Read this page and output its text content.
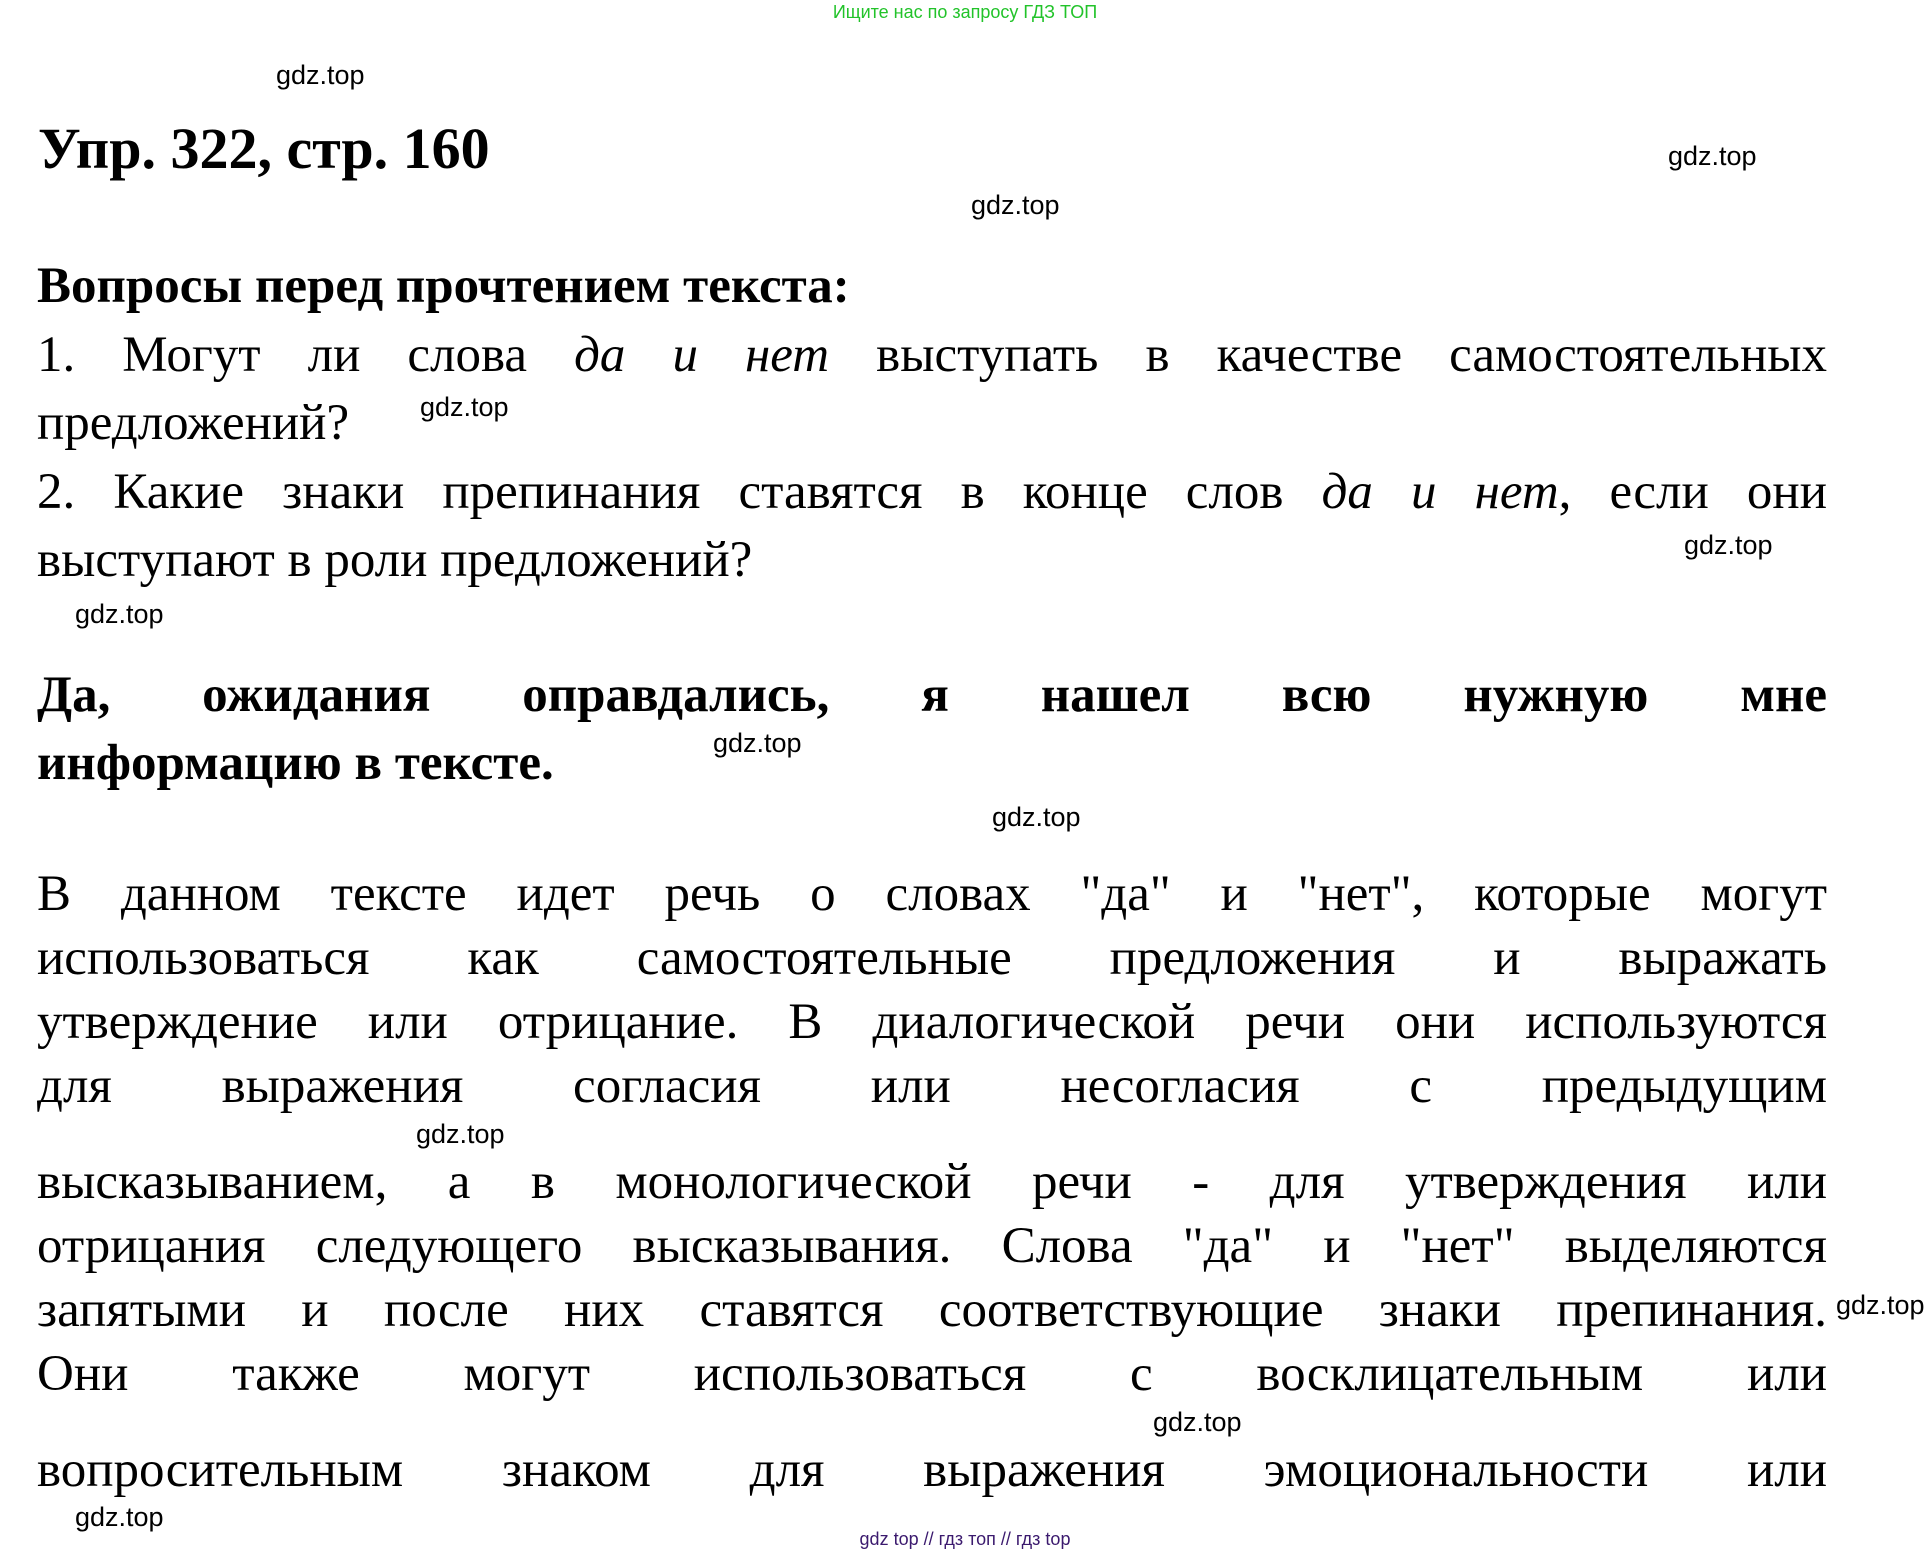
Ищите нас по запросу ГДЗ ТОП
Упр. 322, стр. 160
Вопросы перед прочтением текста:
1. Могут ли слова да и нет выступать в качестве самостоятельных
предложений?
2. Какие знаки препинания ставятся в конце слов да и нет, если они
выступают в роли предложений?
Да, ожидания оправдались, я нашел всю нужную мне
информацию в тексте.
В данном тексте идет речь о словах "да" и "нет", которые могут
использоваться как самостоятельные предложения и выражать
утверждение или отрицание. В диалогической речи они используются
для выражения согласия или несогласия с предыдущим
высказыванием, а в монологической речи - для утверждения или
отрицания следующего высказывания. Слова "да" и "нет" выделяются
запятыми и после них ставятся соответствующие знаки препинания.
Они также могут использоваться с восклицательным или
вопросительным знаком для выражения эмоциональности или
gdz.top
gdz.top
gdz.top
gdz.top
gdz.top
gdz.top
gdz.top
gdz.top
gdz.top
gdz.top
gdz.top
gdz.top
gdz top // гдз топ // гдз top
